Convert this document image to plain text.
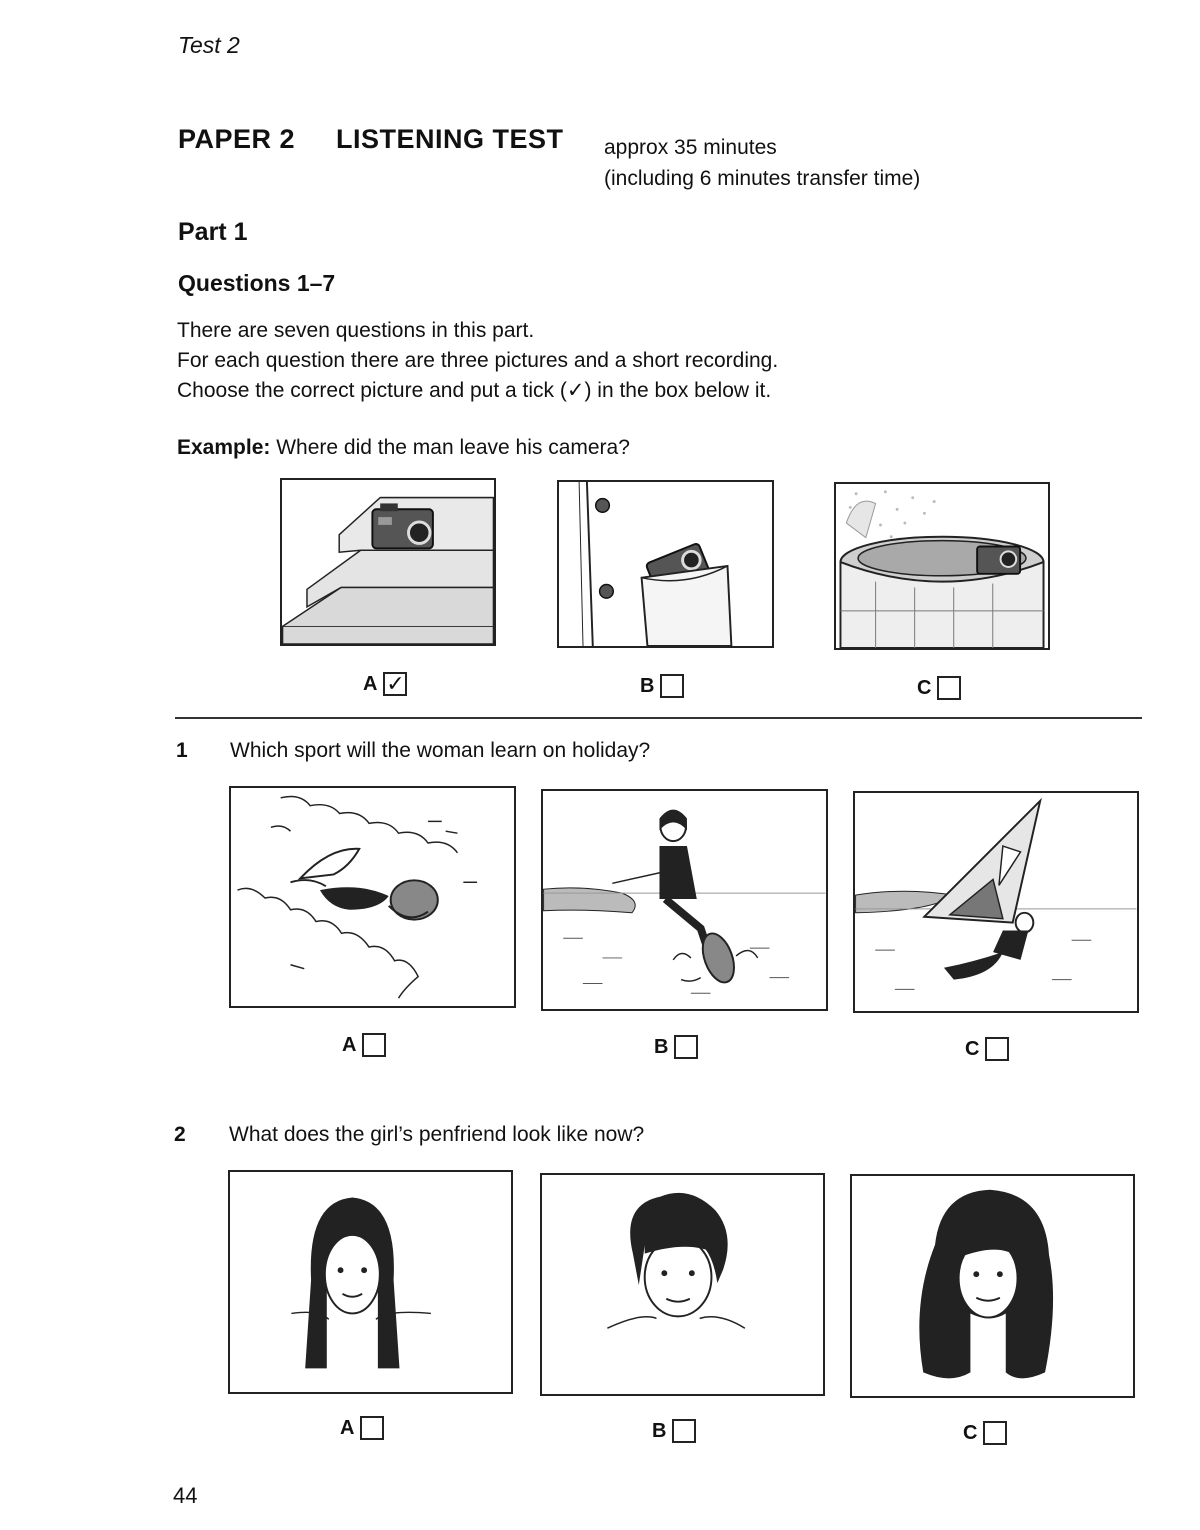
Test 2
PAPER 2 LISTENING TEST approx 35 minutes
(including 6 minutes transfer time)
Part 1
Questions 1–7
There are seven questions in this part.
For each question there are three pictures and a short recording.
Choose the correct picture and put a tick (✓) in the box below it.
Example: Where did the man leave his camera?
A ✓	B	C
1 Which sport will the woman learn on holiday?
A	B	C
2 What does the girl’s penfriend look like now?
A	B	C
44
